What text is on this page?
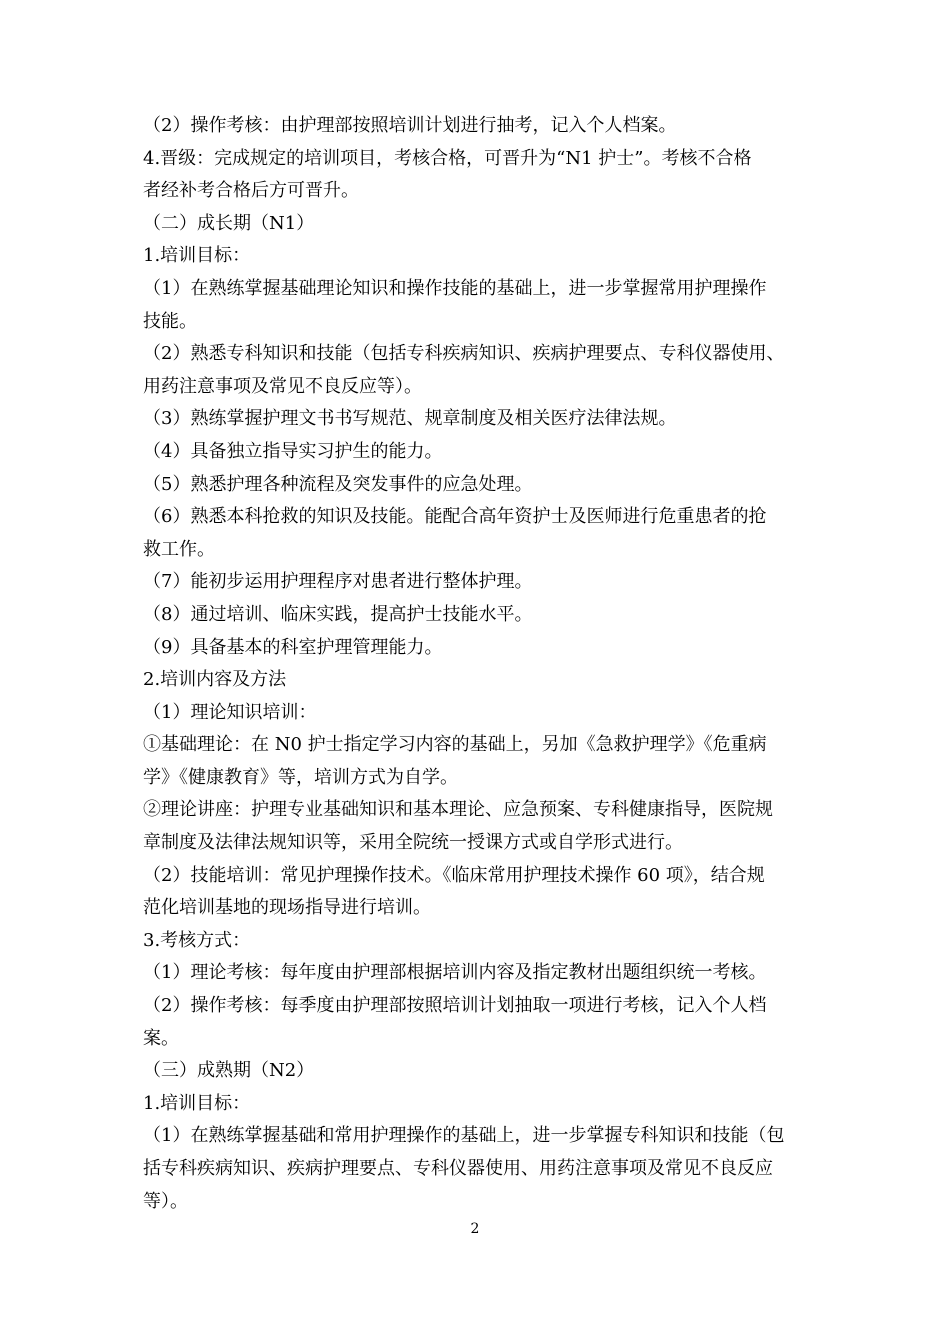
（2）操作考核：由护理部按照培训计划进行抽考，记入个人档案。
4.晋级：完成规定的培训项目，考核合格，可晋升为“N1 护士”。考核不合格
者经补考合格后方可晋升。
（二）成长期（N1）
1.培训目标：
（1）在熟练掌握基础理论知识和操作技能的基础上，进一步掌握常用护理操作
技能。
（2）熟悉专科知识和技能（包括专科疾病知识、疾病护理要点、专科仪器使用、
用药注意事项及常见不良反应等）。
（3）熟练掌握护理文书书写规范、规章制度及相关医疗法律法规。
（4）具备独立指导实习护生的能力。
（5）熟悉护理各种流程及突发事件的应急处理。
（6）熟悉本科抢救的知识及技能。能配合高年资护士及医师进行危重患者的抢
救工作。
（7）能初步运用护理程序对患者进行整体护理。
（8）通过培训、临床实践，提高护士技能水平。
（9）具备基本的科室护理管理能力。
2.培训内容及方法
（1）理论知识培训：
①基础理论：在 N0 护士指定学习内容的基础上，另加《急救护理学》《危重病
学》《健康教育》等，培训方式为自学。
②理论讲座：护理专业基础知识和基本理论、应急预案、专科健康指导，医院规
章制度及法律法规知识等，采用全院统一授课方式或自学形式进行。
（2）技能培训：常见护理操作技术。《临床常用护理技术操作 60 项》，结合规
范化培训基地的现场指导进行培训。
3.考核方式：
（1）理论考核：每年度由护理部根据培训内容及指定教材出题组织统一考核。
（2）操作考核：每季度由护理部按照培训计划抽取一项进行考核，记入个人档
案。
（三）成熟期（N2）
1.培训目标：
（1）在熟练掌握基础和常用护理操作的基础上，进一步掌握专科知识和技能（包
括专科疾病知识、疾病护理要点、专科仪器使用、用药注意事项及常见不良反应
等）。
2
